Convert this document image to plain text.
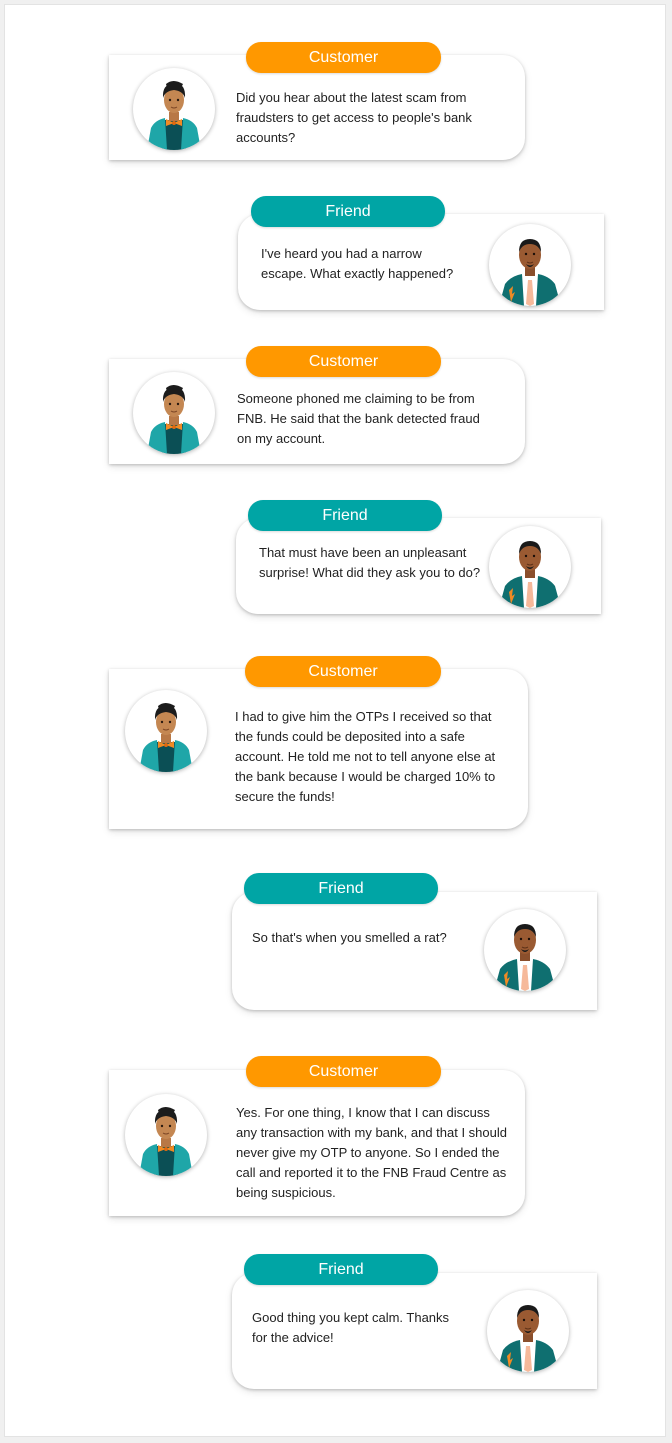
Customer
Did you hear about the latest scam from fraudsters to get access to people's bank accounts?
Friend
I've heard you had a narrow escape. What exactly happened?
Customer
Someone phoned me claiming to be from FNB. He said that the bank detected fraud on my account.
Friend
That must have been an unpleasant surprise! What did they ask you to do?
Customer
I had to give him the OTPs I received so that the funds could be deposited into a safe account. He told me not to tell anyone else at the bank because I would be charged 10% to secure the funds!
Friend
So that's when you smelled a rat?
Customer
Yes. For one thing, I know that I can discuss any transaction with my bank, and that I should never give my OTP to anyone. So I ended the call and reported it to the FNB Fraud Centre as being suspicious.
Friend
Good thing you kept calm. Thanks for the advice!
